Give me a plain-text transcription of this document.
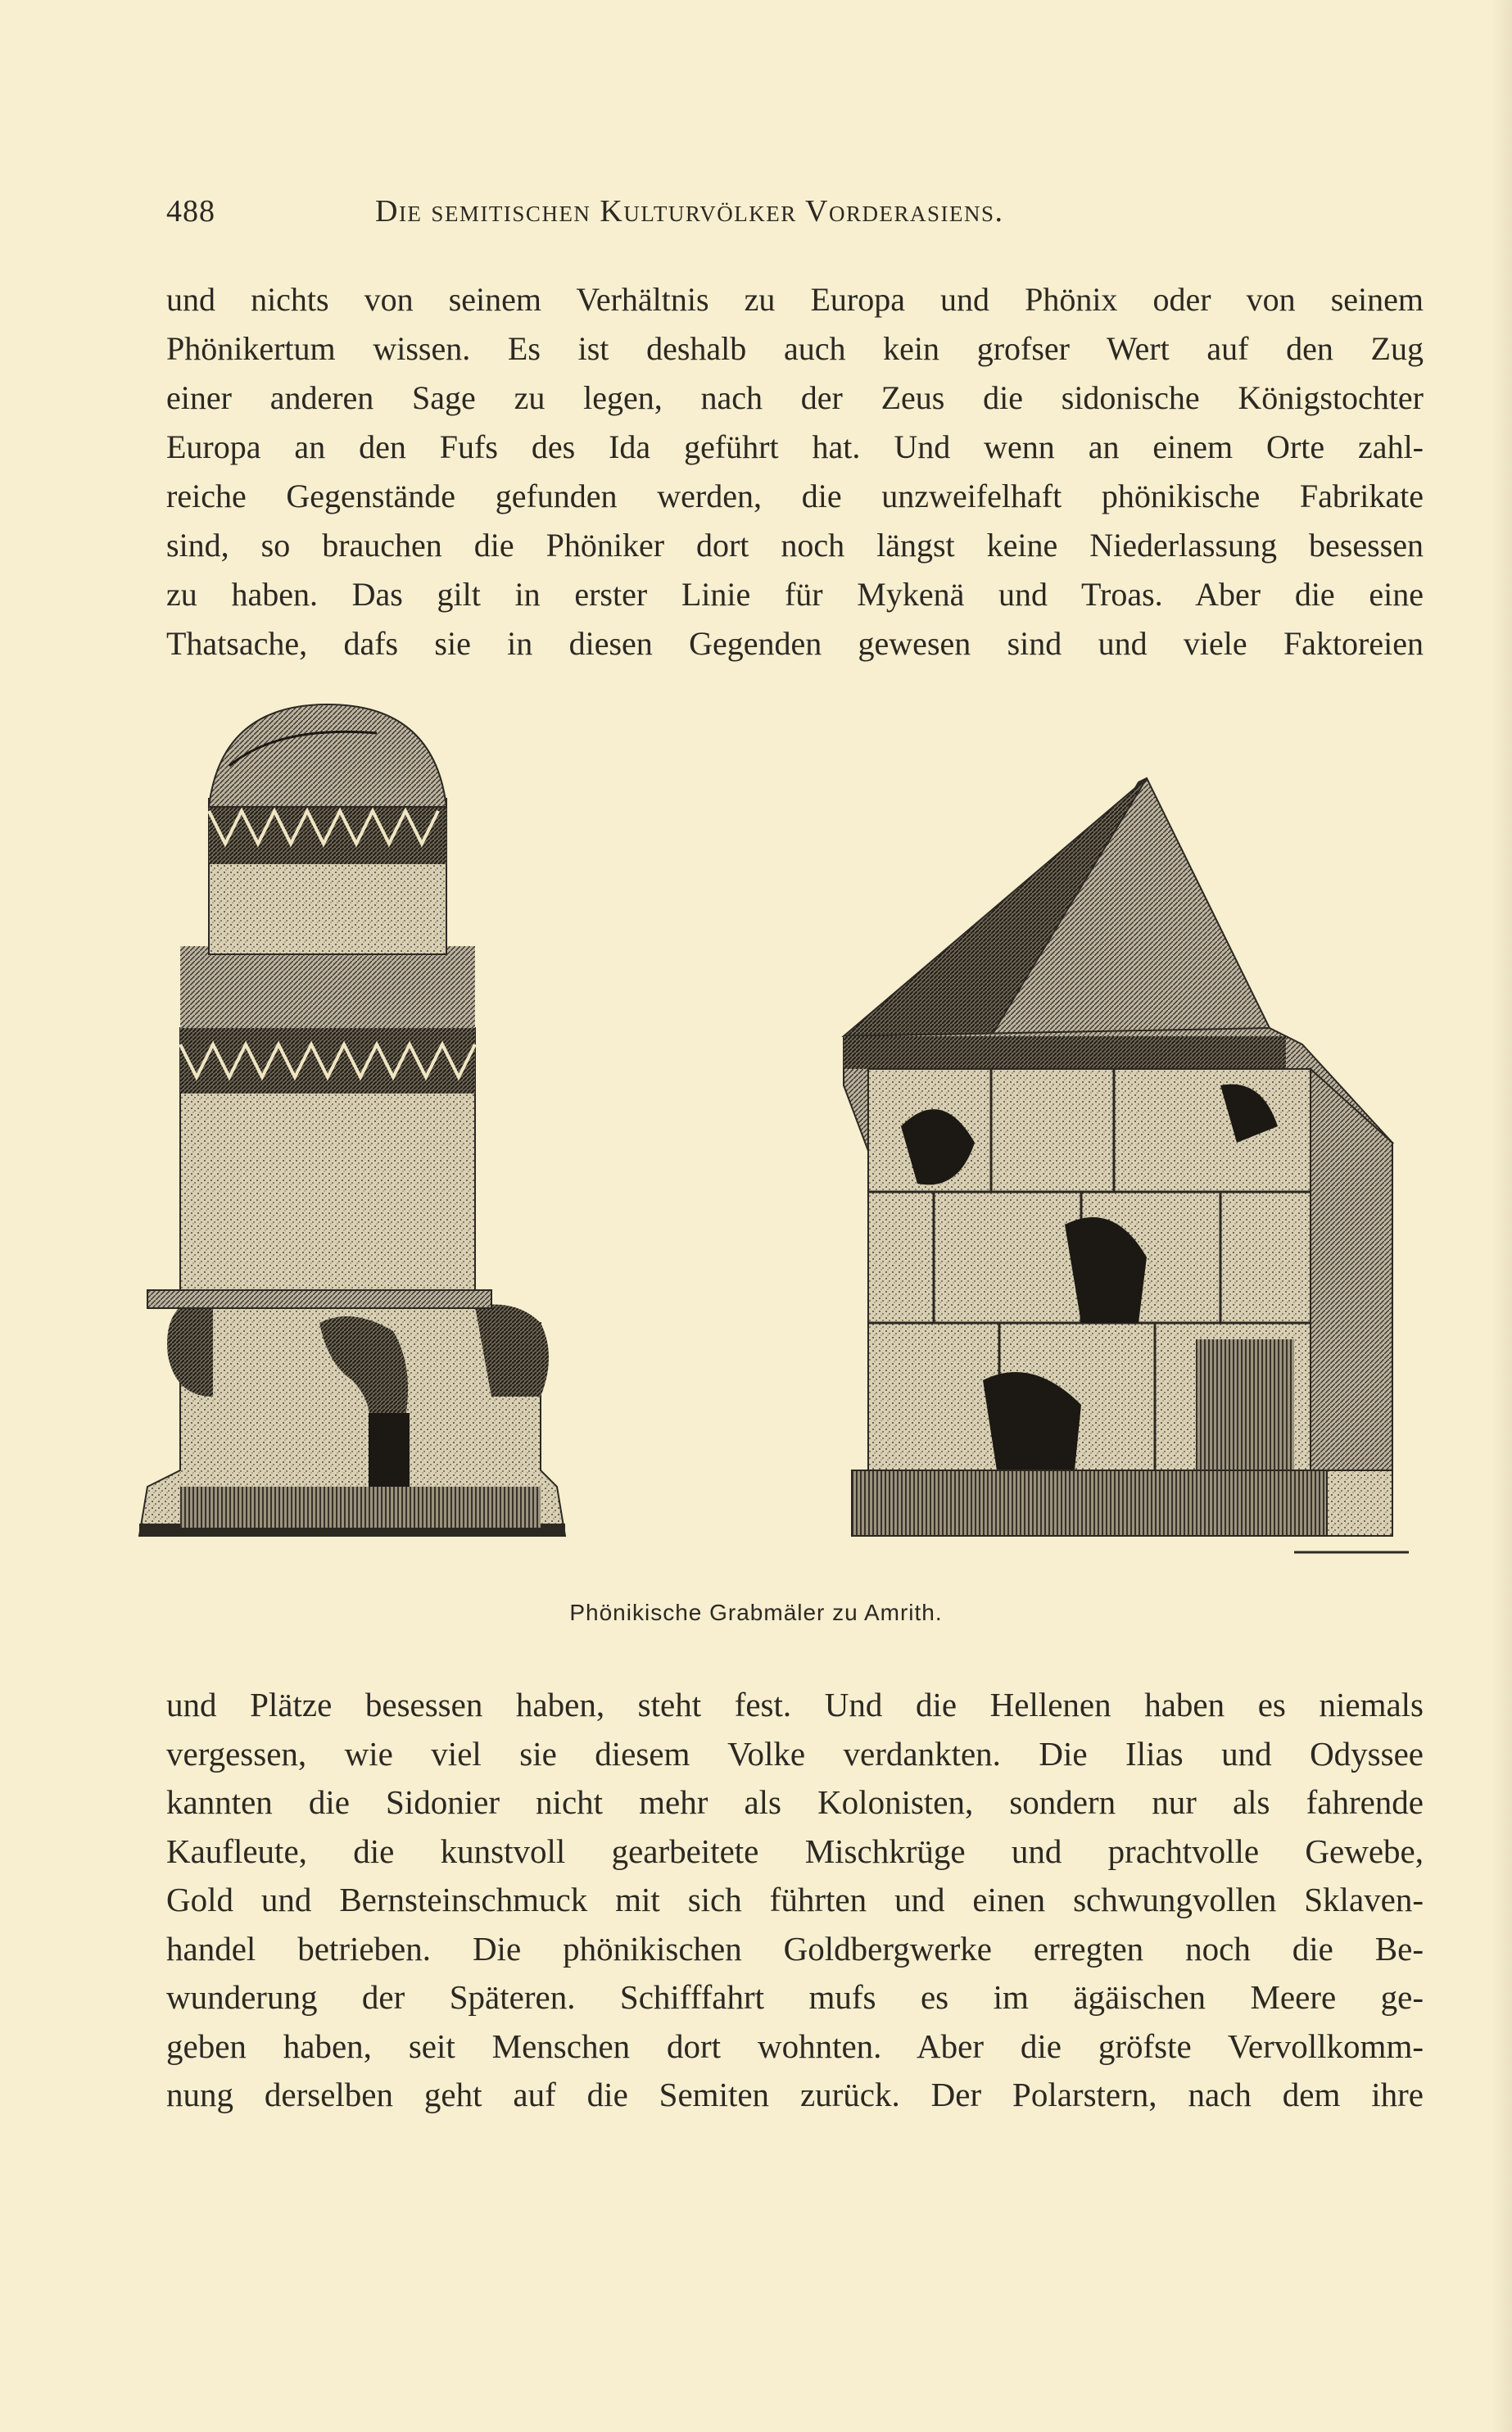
488	Die semitischen Kulturvölker Vorderasiens.
und nichts von seinem Verhältnis zu Europa und Phönix oder von seinem
Phönikertum wissen. Es ist deshalb auch kein grofser Wert auf den Zug
einer anderen Sage zu legen, nach der Zeus die sidonische Königstochter
Europa an den Fufs des Ida geführt hat. Und wenn an einem Orte zahl-
reiche Gegenstände gefunden werden, die unzweifelhaft phönikische Fabrikate
sind, so brauchen die Phöniker dort noch längst keine Niederlassung besessen
zu haben. Das gilt in erster Linie für Mykenä und Troas. Aber die eine
Thatsache, dafs sie in diesen Gegenden gewesen sind und viele Faktoreien
Phönikische Grabmäler zu Amrith.
und Plätze besessen haben, steht fest. Und die Hellenen haben es niemals
vergessen, wie viel sie diesem Volke verdankten. Die Ilias und Odyssee
kannten die Sidonier nicht mehr als Kolonisten, sondern nur als fahrende
Kaufleute, die kunstvoll gearbeitete Mischkrüge und prachtvolle Gewebe,
Gold und Bernsteinschmuck mit sich führten und einen schwungvollen Sklaven-
handel betrieben. Die phönikischen Goldbergwerke erregten noch die Be-
wunderung der Späteren. Schifffahrt mufs es im ägäischen Meere ge-
geben haben, seit Menschen dort wohnten. Aber die gröfste Vervollkomm-
nung derselben geht auf die Semiten zurück. Der Polarstern, nach dem ihre
